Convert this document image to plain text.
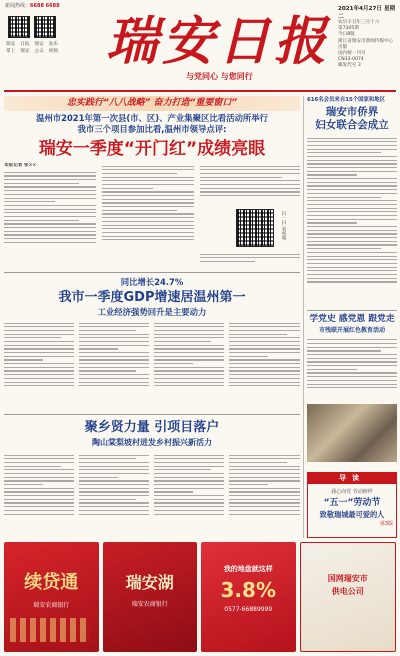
新闻热线：6688 6688
瑞安	日报	瑞安	发布
掌上	瑞安	公众	视频 瑞安日报
与党同心 与您同行
2021年4月27日 星期二
农历辛丑年三月十六
第7305期
今日8版
浙江省瑞安市新闻传媒中心出版
国内统一刊号
CN33-0074
邮发代号 3
忠实践行“八八战略” 奋力打造“重要窗口”
温州市2021年第一次县(市、区)、产业集聚区比看活动所举行
我市三个项目参加比看,温州市领导点评:
瑞安一季度“开门红”成绩亮眼
本报记者 张××
扫一扫 看视频
同比增长24.7%
我市一季度GDP增速居温州第一
工业经济强势回升是主要动力
聚乡贤力量 引项目落户
陶山棠梨坡村进发乡村振兴新活力
616名会员来自15个国家和地区
瑞安市侨界
妇女联合会成立
学党史 感党恩 跟党走
市残联开展红色教育活动
导读
我心向党 劳动榜样
“五一”劳动节
致敬瑞城最可爱的人
第3版
续贷通
瑞安农商银行
瑞安湖
瑞安农商银行
我的地盘就这样
3.8%
0577-66889999
国网瑞安市
供电公司
